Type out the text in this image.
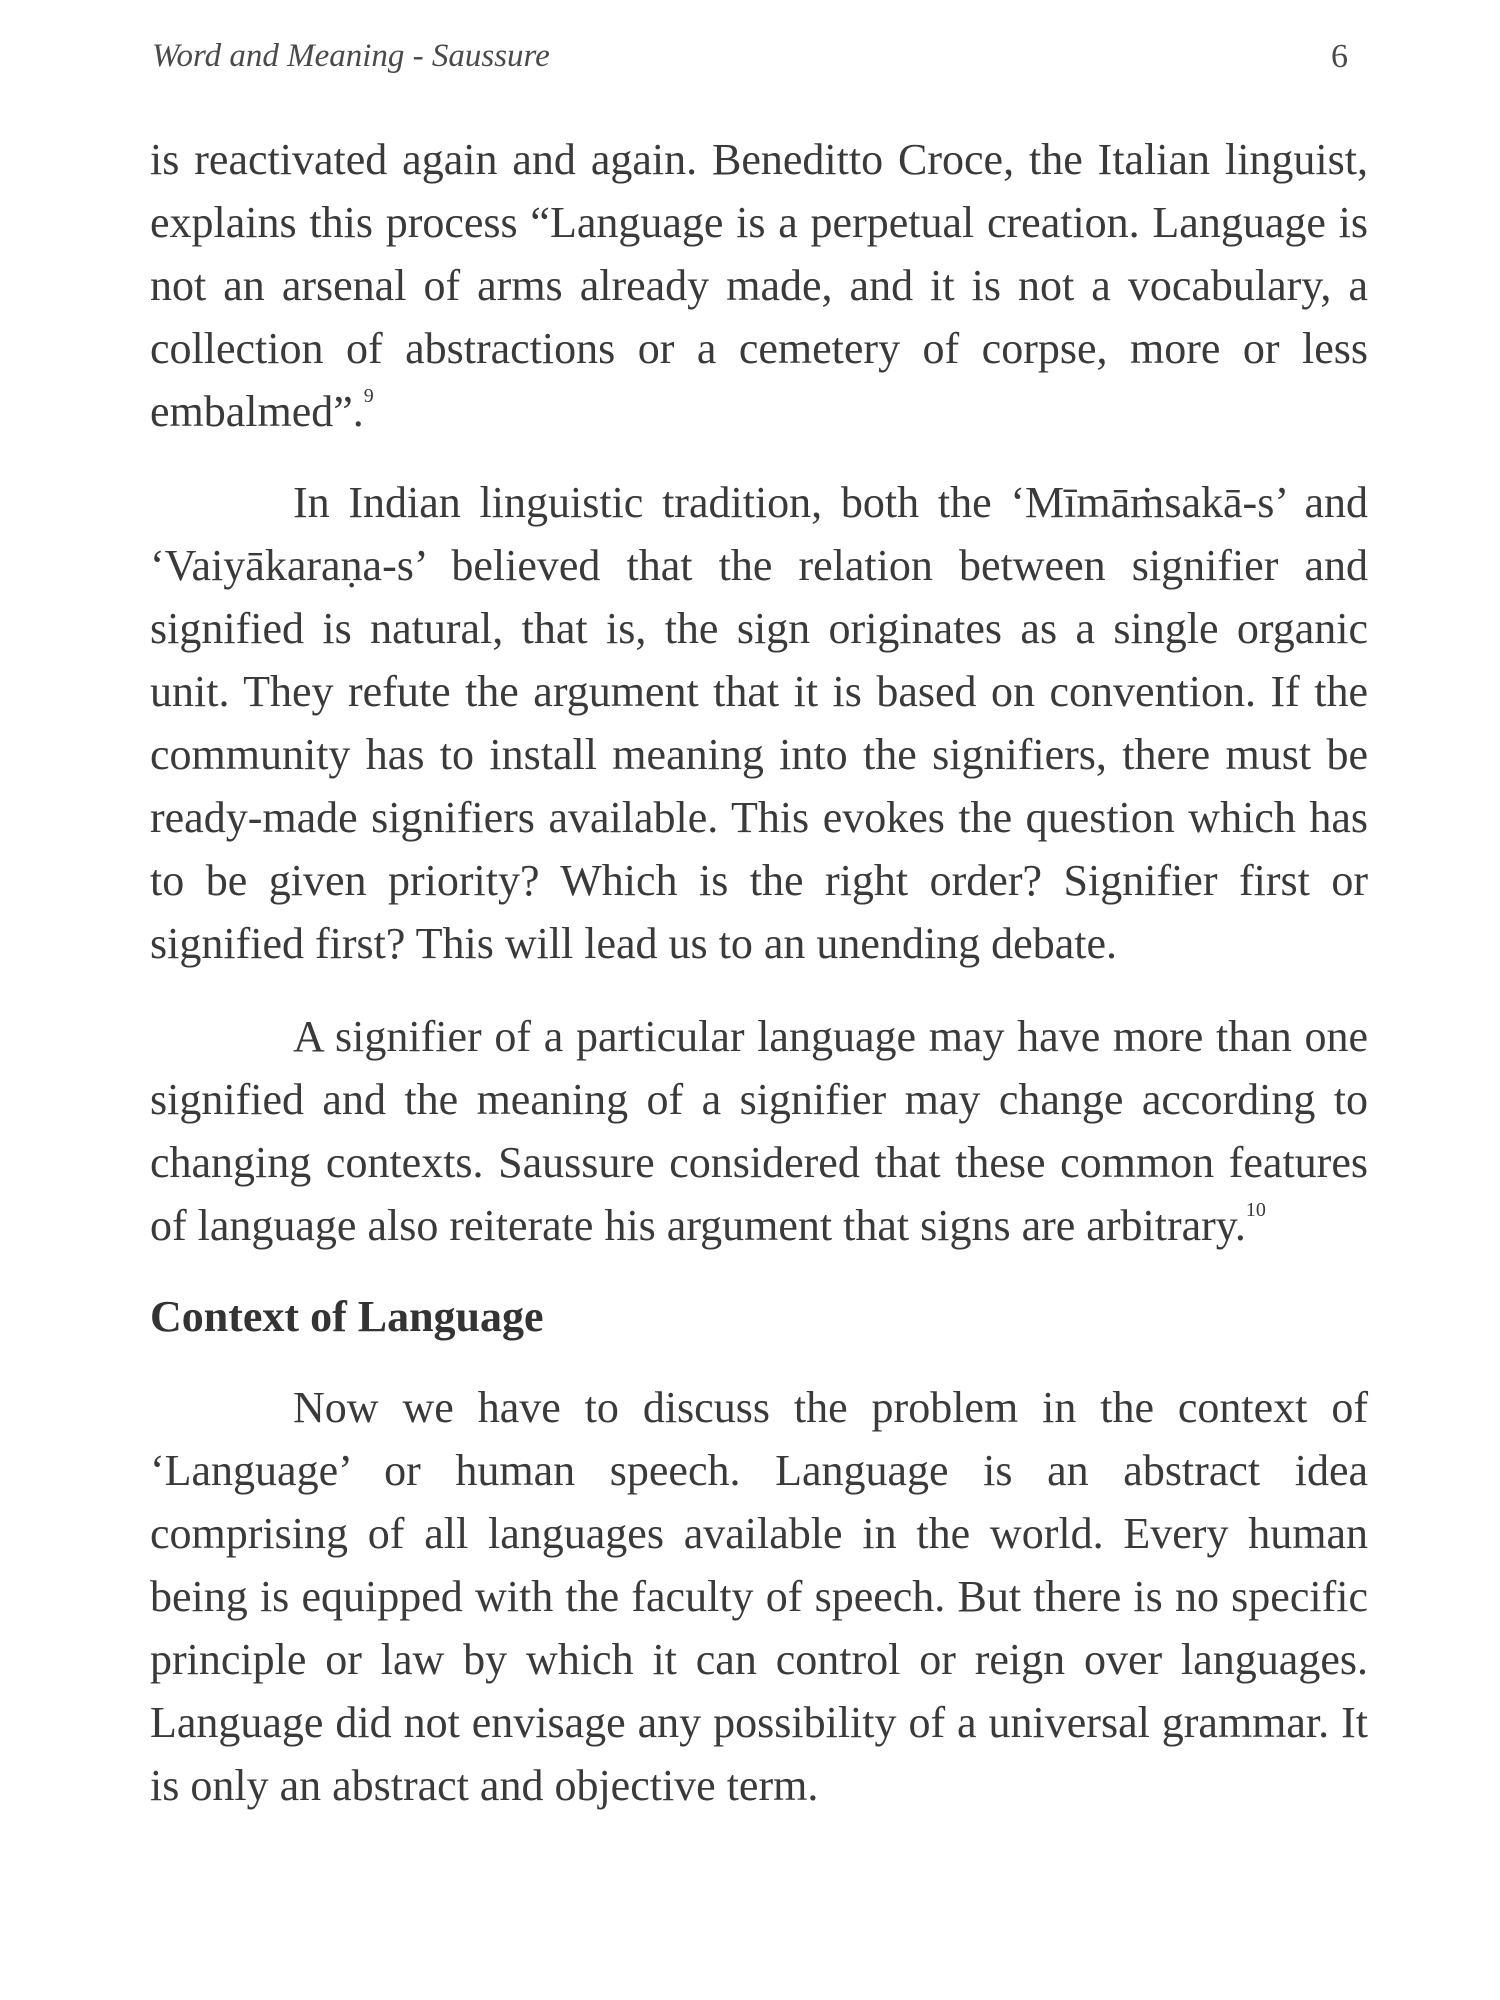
Word and Meaning - Saussure	6

is reactivated again and again. Beneditto Croce, the Italian linguist, explains this process “Language is a perpetual creation. Language is not an arsenal of arms already made, and it is not a vocabulary, a collection of abstractions or a cemetery of corpse, more or less embalmed”.$^9$

In Indian linguistic tradition, both the ‘Mīmāṁsakā-s’ and ‘Vaiyākaraṇa-s’ believed that the relation between signifier and signified is natural, that is, the sign originates as a single organic unit. They refute the argument that it is based on convention. If the community has to install meaning into the signifiers, there must be ready-made signifiers available. This evokes the question which has to be given priority? Which is the right order? Signifier first or signified first? This will lead us to an unending debate.

A signifier of a particular language may have more than one signified and the meaning of a signifier may change according to changing contexts. Saussure considered that these common features of language also reiterate his argument that signs are arbitrary.$^{10}$

Context of Language

Now we have to discuss the problem in the context of ‘Language’ or human speech. Language is an abstract idea comprising of all languages available in the world. Every human being is equipped with the faculty of speech. But there is no specific principle or law by which it can control or reign over languages. Language did not envisage any possibility of a universal grammar. It is only an abstract and objective term.
